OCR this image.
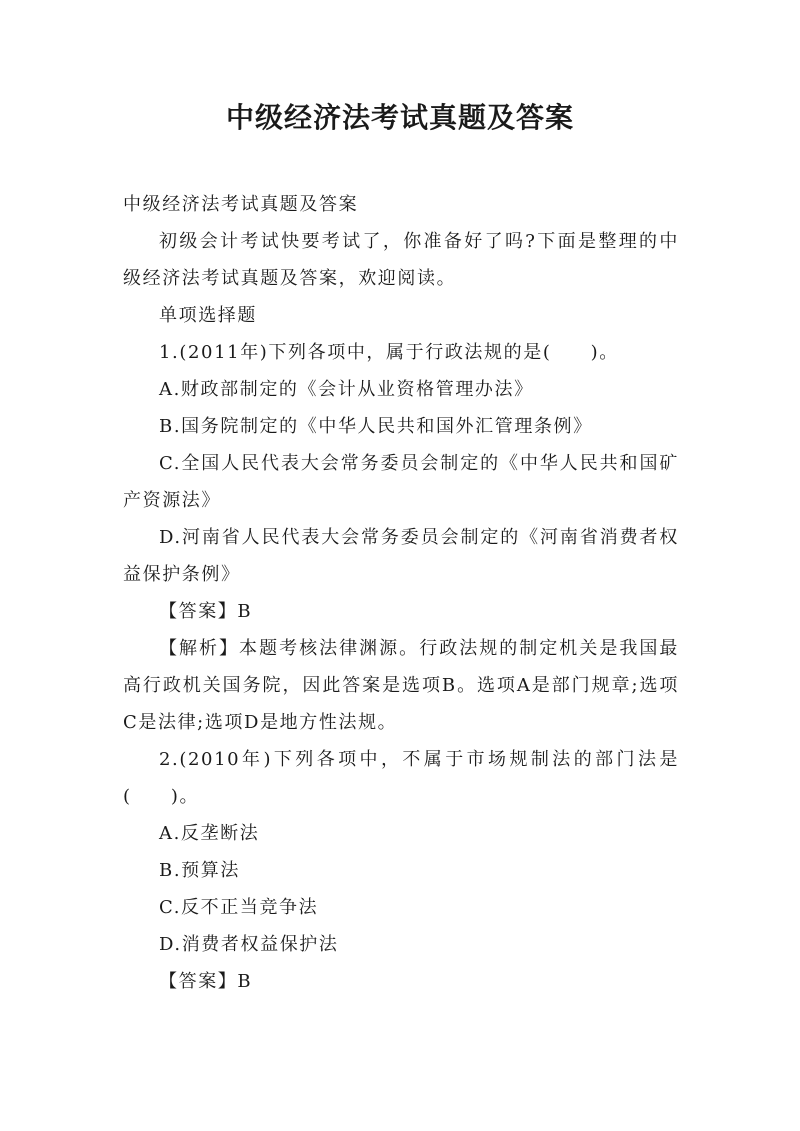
中级经济法考试真题及答案

中级经济法考试真题及答案

初级会计考试快要考试了，你准备好了吗?下面是整理的中级经济法考试真题及答案，欢迎阅读。

单项选择题

1.(2011年)下列各项中，属于行政法规的是(　　)。

A.财政部制定的《会计从业资格管理办法》

B.国务院制定的《中华人民共和国外汇管理条例》

C.全国人民代表大会常务委员会制定的《中华人民共和国矿产资源法》

D.河南省人民代表大会常务委员会制定的《河南省消费者权益保护条例》

【答案】B

【解析】本题考核法律渊源。行政法规的制定机关是我国最高行政机关国务院，因此答案是选项B。选项A是部门规章;选项C是法律;选项D是地方性法规。

2.(2010年)下列各项中，不属于市场规制法的部门法是(　　)。

A.反垄断法

B.预算法

C.反不正当竞争法

D.消费者权益保护法

【答案】B
